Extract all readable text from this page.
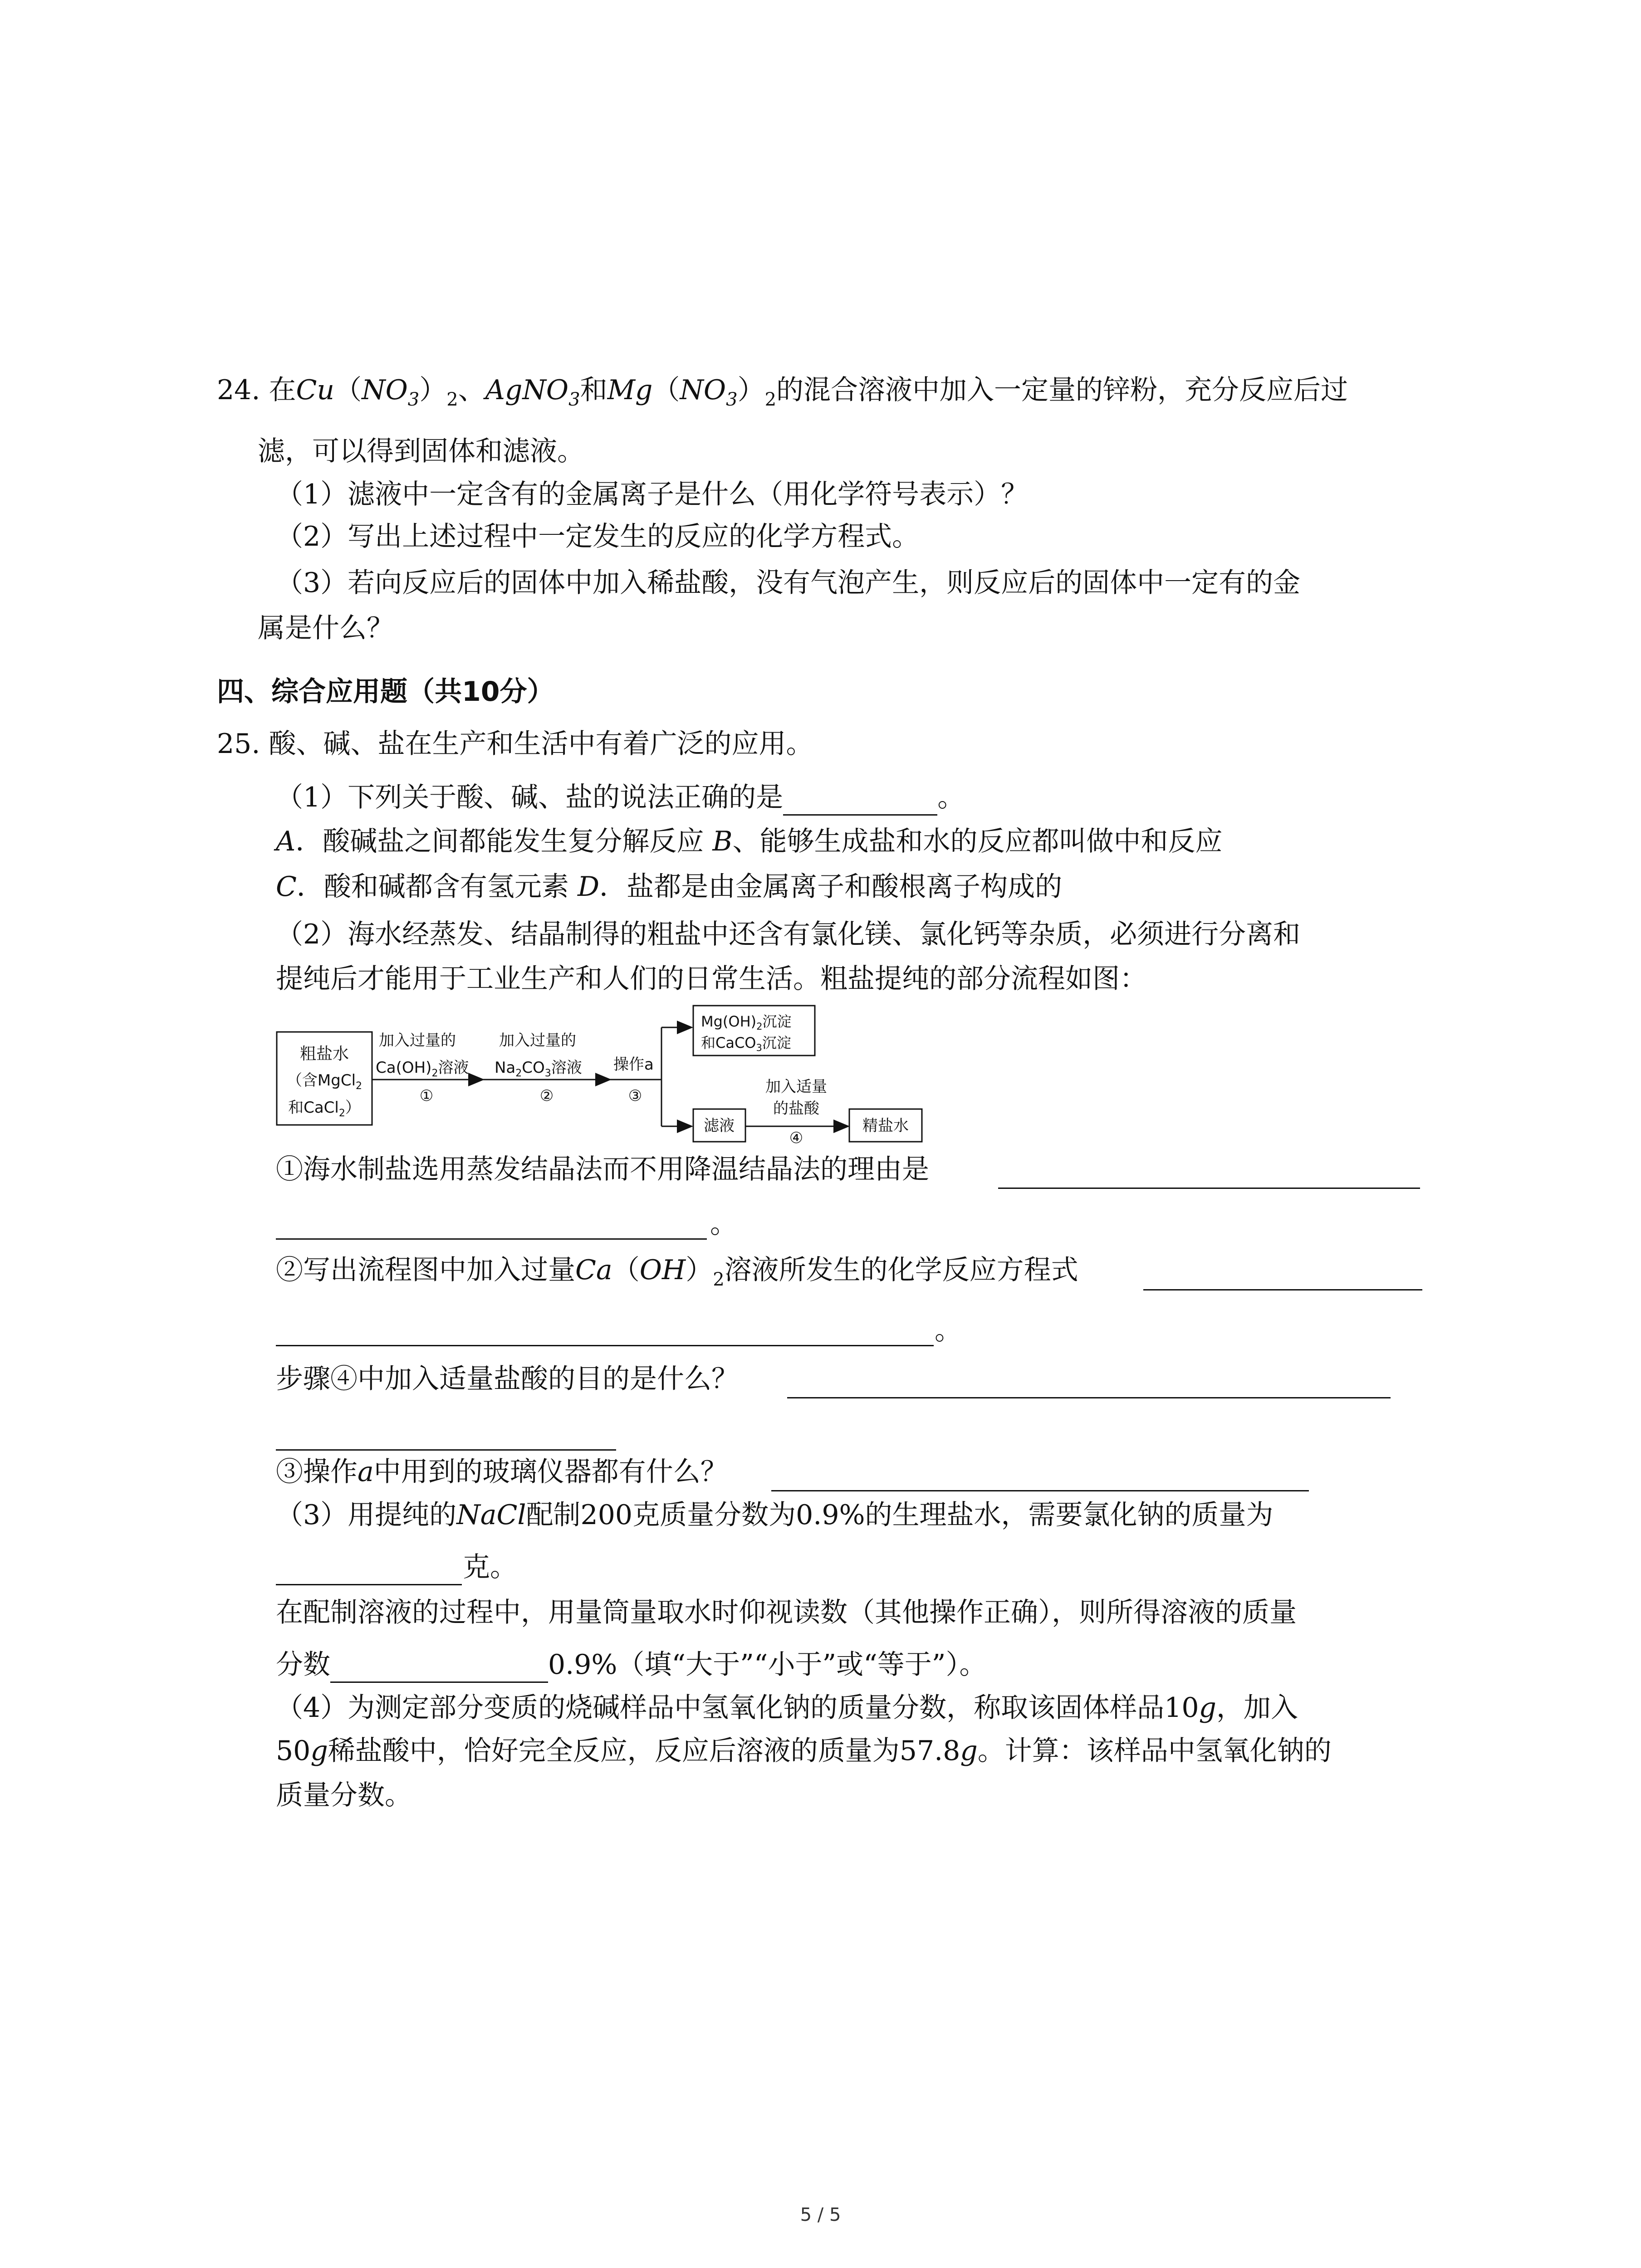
24. 在$Cu(NO_3)_2$、AgNO$_3$和$Mg(NO_3)_2$的混合溶液中加入一定量的锌粉，充分反应后过
滤，可以得到固体和滤液。
（1）滤液中一定含有的金属离子是什么（用化学符号表示）？
（2）写出上述过程中一定发生的反应的化学方程式。
（3）若向反应后的固体中加入稀盐酸，没有气泡产生，则反应后的固体中一定有的金
属是什么？
四、综合应用题（共10分）
25. 酸、碱、盐在生产和生活中有着广泛的应用。
（1）下列关于酸、碱、盐的说法正确的是	。
A．酸碱盐之间都能发生复分解反应 B、能够生成盐和水的反应都叫做中和反应
C．酸和碱都含有氢元素 D．盐都是由金属离子和酸根离子构成的
（2）海水经蒸发、结晶制得的粗盐中还含有氯化镁、氯化钙等杂质，必须进行分离和
提纯后才能用于工业生产和人们的日常生活。粗盐提纯的部分流程如图：
粗盐水
（含MgCl$_2$
和CaCl$_2$）
加入过量的
$Ca(OH)_2$溶液
①
加入过量的
$Na_2CO_3$溶液
②
操作a
③
$Mg(OH)_2$沉淀
和CaCO$_3$沉淀
滤液
加入适量
的盐酸
④
精盐水
①海水制盐选用蒸发结晶法而不用降温结晶法的理由是
。
②写出流程图中加入过量$Ca(OH)_2$溶液所发生的化学反应方程式
。
步骤④中加入适量盐酸的目的是什么？
③操作a中用到的玻璃仪器都有什么？
（3）用提纯的NaCl配制200克质量分数为0.9%的生理盐水，需要氯化钠的质量为
克。
在配制溶液的过程中，用量筒量取水时仰视读数（其他操作正确），则所得溶液的质量
分数	0.9%（填“大于”“小于”或“等于”）。
（4）为测定部分变质的烧碱样品中氢氧化钠的质量分数，称取该固体样品10g，加入
50g稀盐酸中，恰好完全反应，反应后溶液的质量为57.8g。计算：该样品中氢氧化钠的
质量分数。
5 / 5
